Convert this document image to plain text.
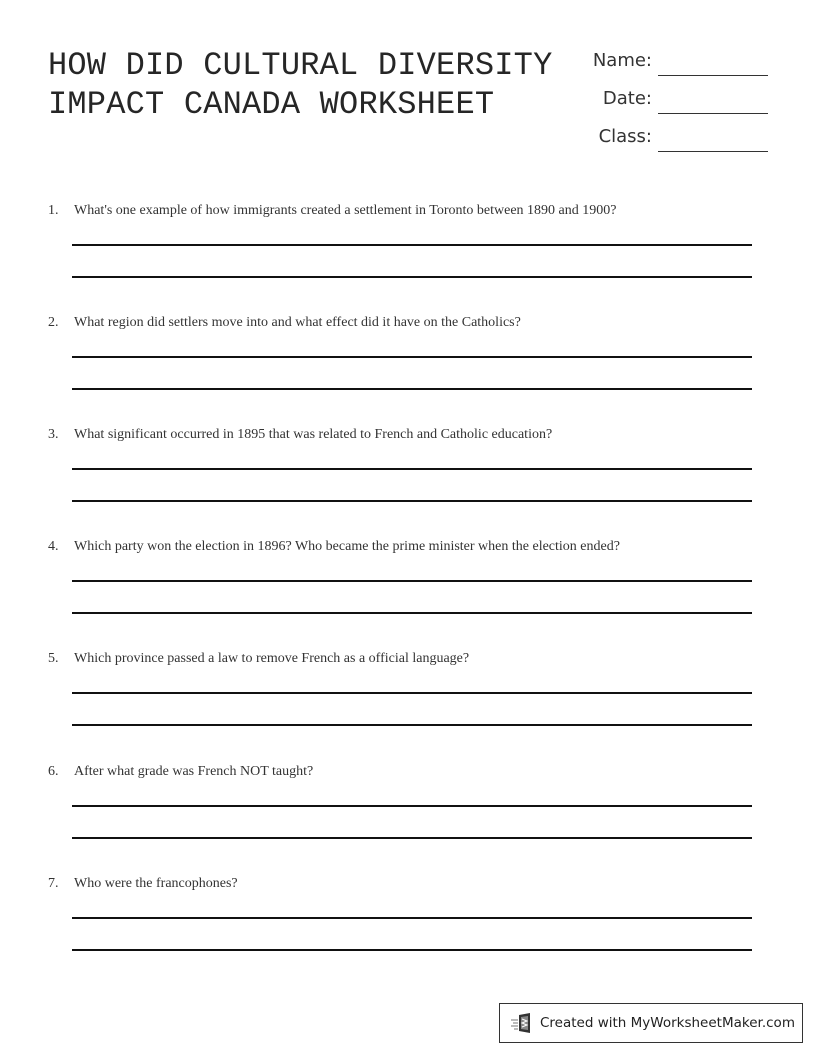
HOW DID CULTURAL DIVERSITY
IMPACT CANADA WORKSHEET
Name:
Date:
Class:
1. What's one example of how immigrants created a settlement in Toronto between 1890 and 1900?
2. What region did settlers move into and what effect did it have on the Catholics?
3. What significant occurred in 1895 that was related to French and Catholic education?
4. Which party won the election in 1896? Who became the prime minister when the election ended?
5. Which province passed a law to remove French as a official language?
6. After what grade was French NOT taught?
7. Who were the francophones?
Created with MyWorksheetMaker.com
